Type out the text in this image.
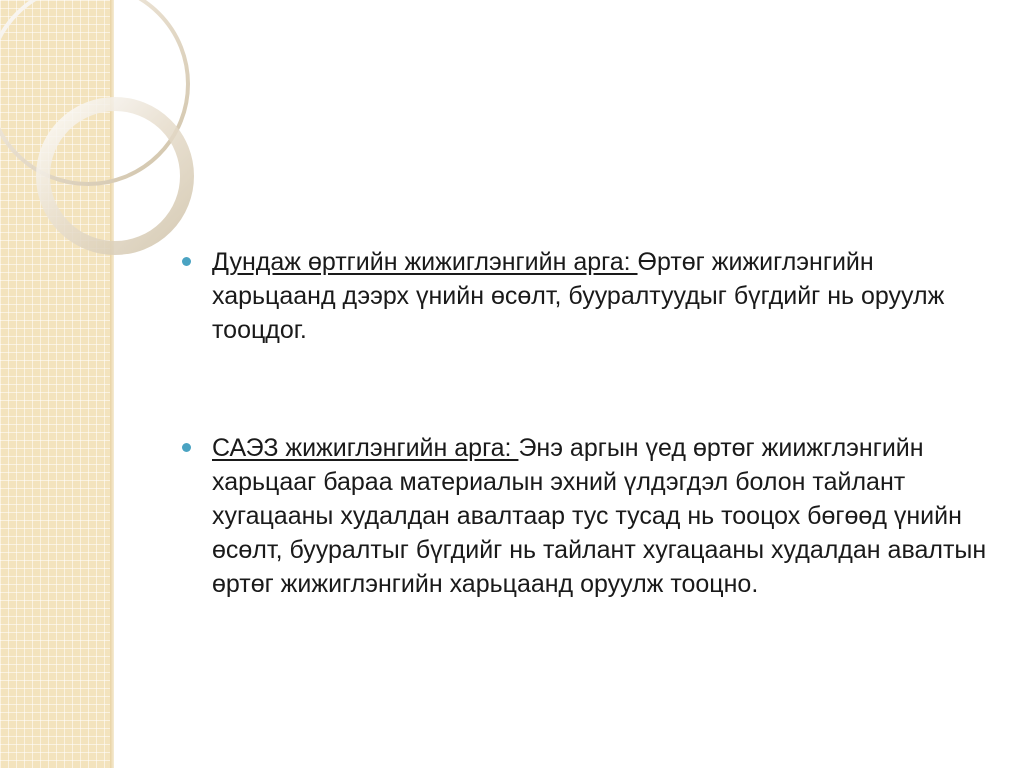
Дундаж өртгийн жижиглэнгийн арга: Өртөг жижиглэнгийн харьцаанд дээрх үнийн өсөлт, бууралтуудыг бүгдийг нь оруулж тооцдог.
САЭЗ жижиглэнгийн арга: Энэ аргын үед өртөг жиижглэнгийн харьцааг бараа материалын эхний үлдэгдэл болон тайлант хугацааны худалдан авалтаар тус тусад нь тооцох бөгөөд үнийн өсөлт, бууралтыг бүгдийг нь тайлант хугацааны худалдан авалтын өртөг жижиглэнгийн харьцаанд оруулж тооцно.
